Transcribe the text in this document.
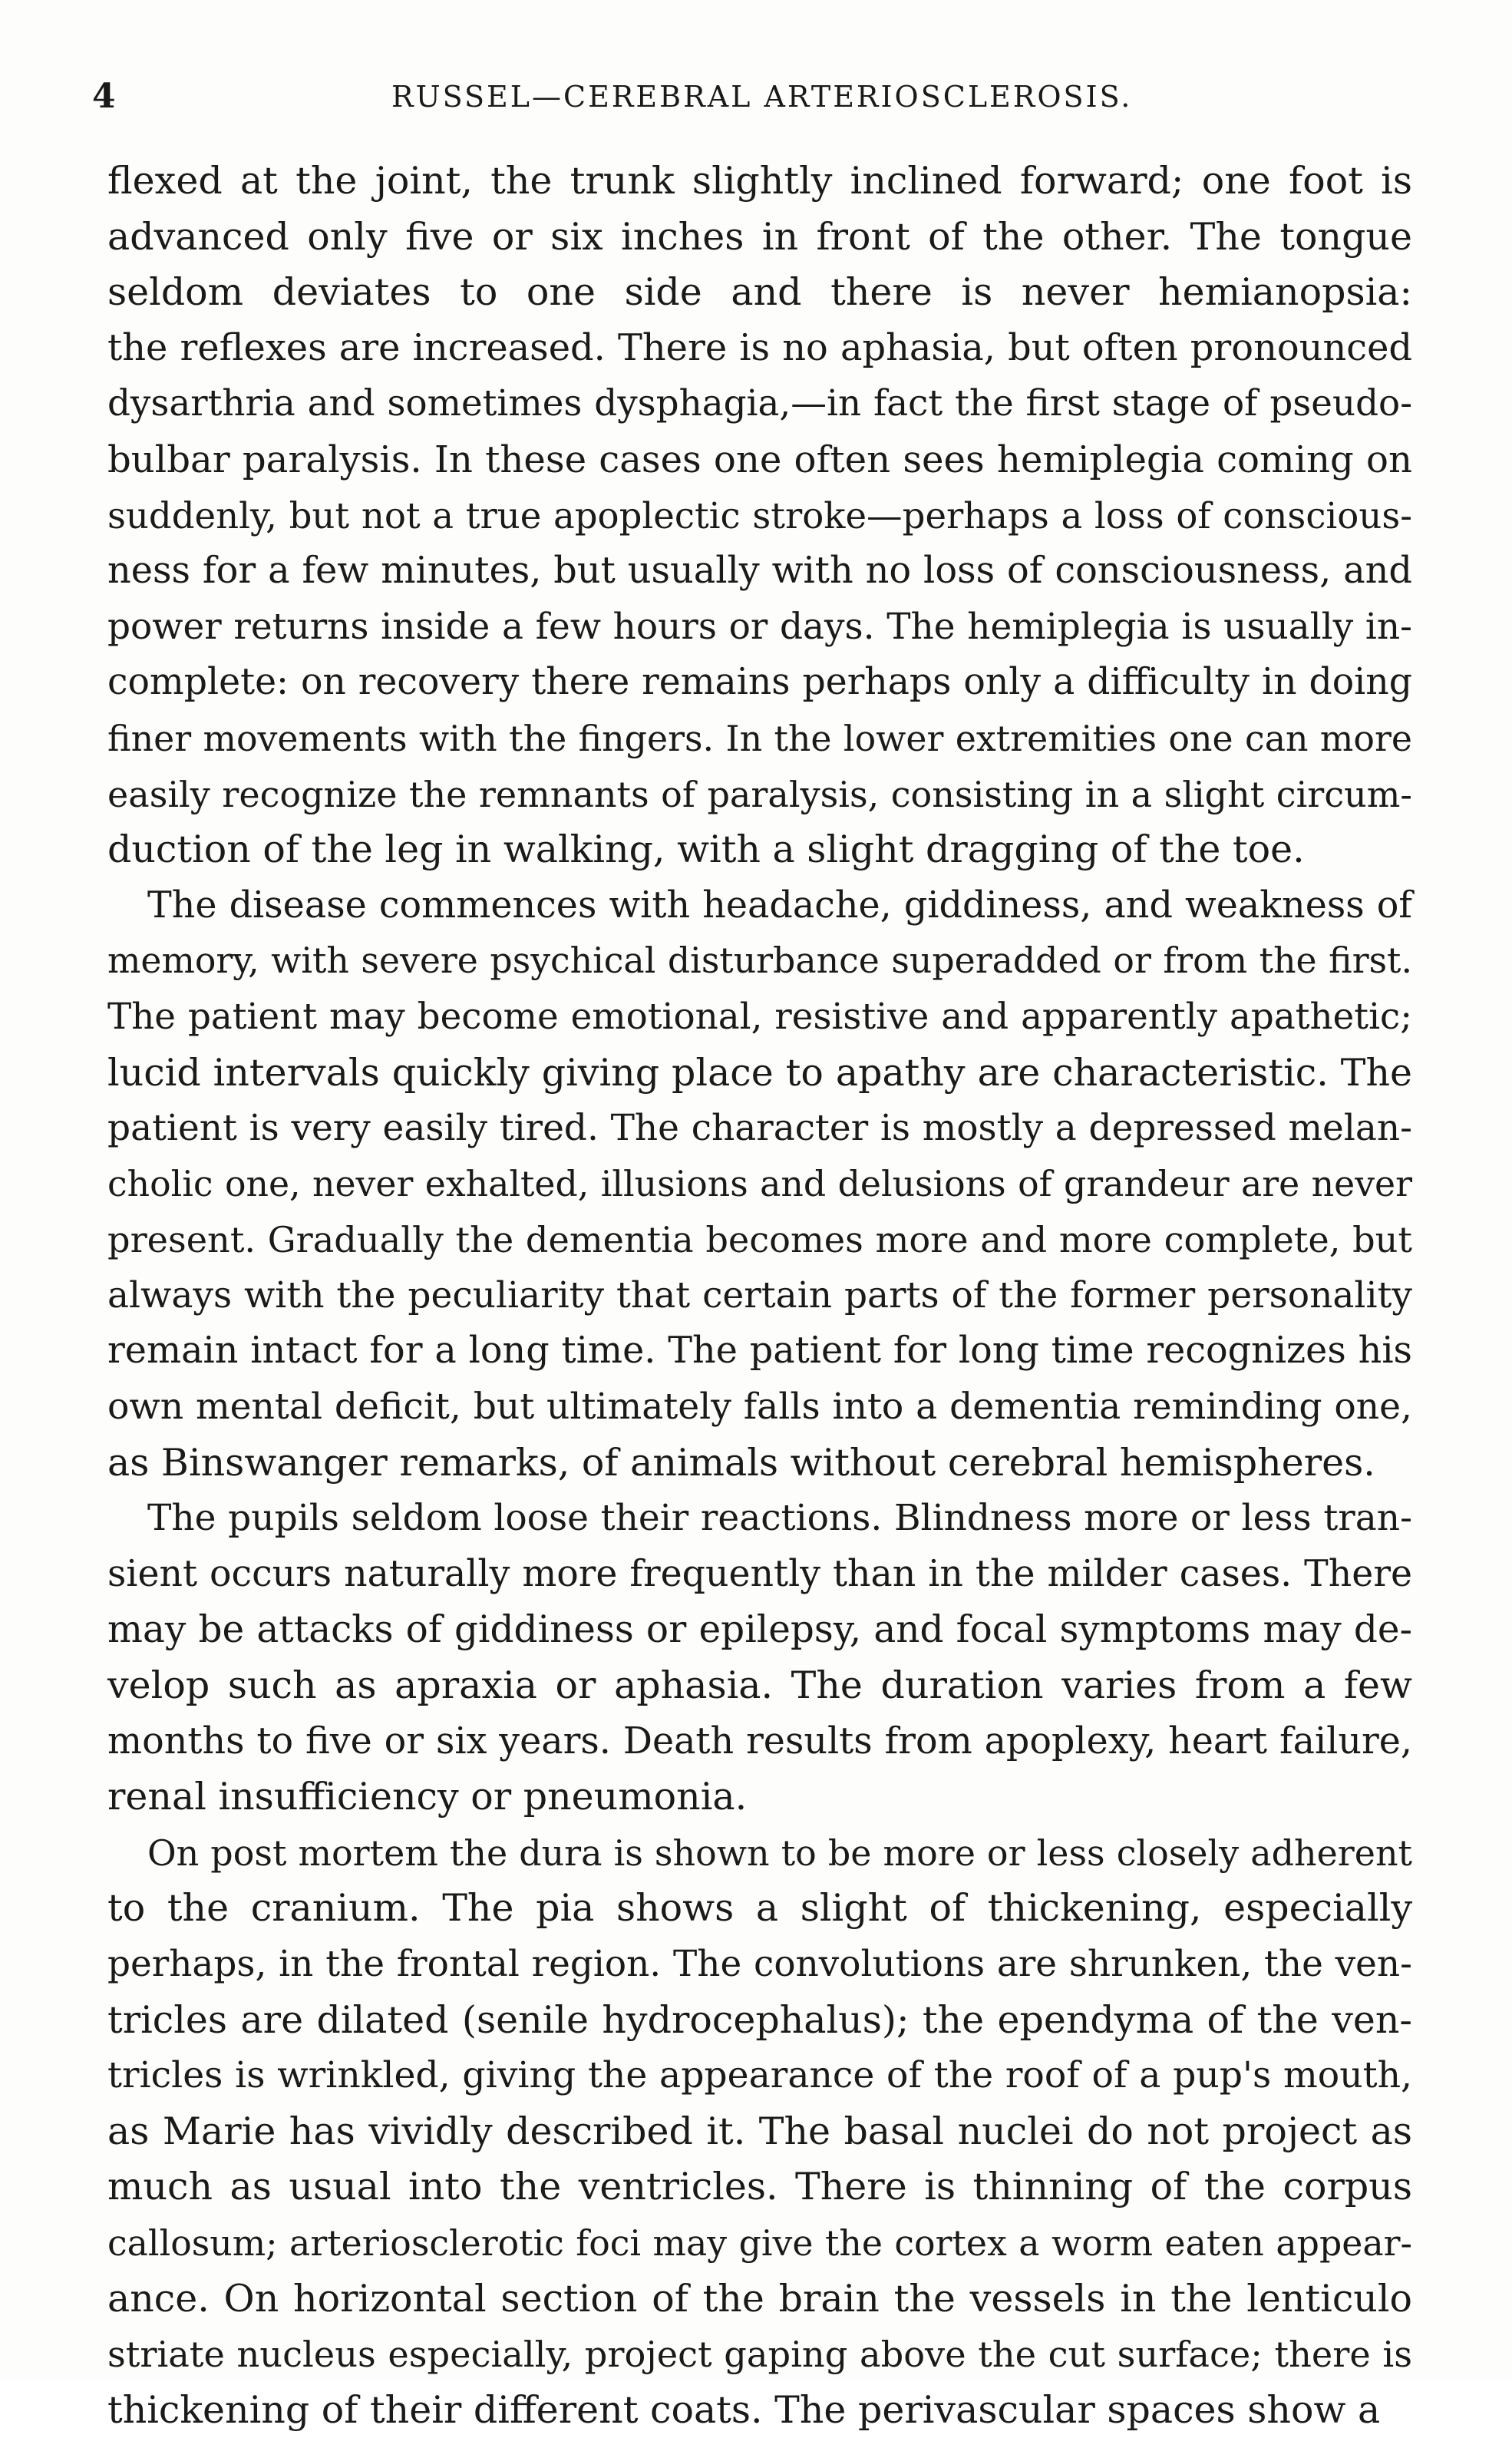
4	RUSSEL—CEREBRAL ARTERIOSCLEROSIS.
flexed at the joint, the trunk slightly inclined forward; one foot is
advanced only five or six inches in front of the other. The tongue
seldom deviates to one side and there is never hemianopsia:
the reflexes are increased. There is no aphasia, but often pronounced
dysarthria and sometimes dysphagia,—in fact the first stage of pseudo-
bulbar paralysis. In these cases one often sees hemiplegia coming on
suddenly, but not a true apoplectic stroke—perhaps a loss of conscious-
ness for a few minutes, but usually with no loss of consciousness, and
power returns inside a few hours or days. The hemiplegia is usually in-
complete: on recovery there remains perhaps only a difficulty in doing
finer movements with the fingers. In the lower extremities one can more
easily recognize the remnants of paralysis, consisting in a slight circum-
duction of the leg in walking, with a slight dragging of the toe.
The disease commences with headache, giddiness, and weakness of
memory, with severe psychical disturbance superadded or from the first.
The patient may become emotional, resistive and apparently apathetic;
lucid intervals quickly giving place to apathy are characteristic. The
patient is very easily tired. The character is mostly a depressed melan-
cholic one, never exhalted, illusions and delusions of grandeur are never
present. Gradually the dementia becomes more and more complete, but
always with the peculiarity that certain parts of the former personality
remain intact for a long time. The patient for long time recognizes his
own mental deficit, but ultimately falls into a dementia reminding one,
as Binswanger remarks, of animals without cerebral hemispheres.
The pupils seldom loose their reactions. Blindness more or less tran-
sient occurs naturally more frequently than in the milder cases. There
may be attacks of giddiness or epilepsy, and focal symptoms may de-
velop such as apraxia or aphasia. The duration varies from a few
months to five or six years. Death results from apoplexy, heart failure,
renal insufficiency or pneumonia.
On post mortem the dura is shown to be more or less closely adherent
to the cranium. The pia shows a slight of thickening, especially
perhaps, in the frontal region. The convolutions are shrunken, the ven-
tricles are dilated (senile hydrocephalus); the ependyma of the ven-
tricles is wrinkled, giving the appearance of the roof of a pup's mouth,
as Marie has vividly described it. The basal nuclei do not project as
much as usual into the ventricles. There is thinning of the corpus
callosum; arteriosclerotic foci may give the cortex a worm eaten appear-
ance. On horizontal section of the brain the vessels in the lenticulo
striate nucleus especially, project gaping above the cut surface; there is
thickening of their different coats. The perivascular spaces show a
